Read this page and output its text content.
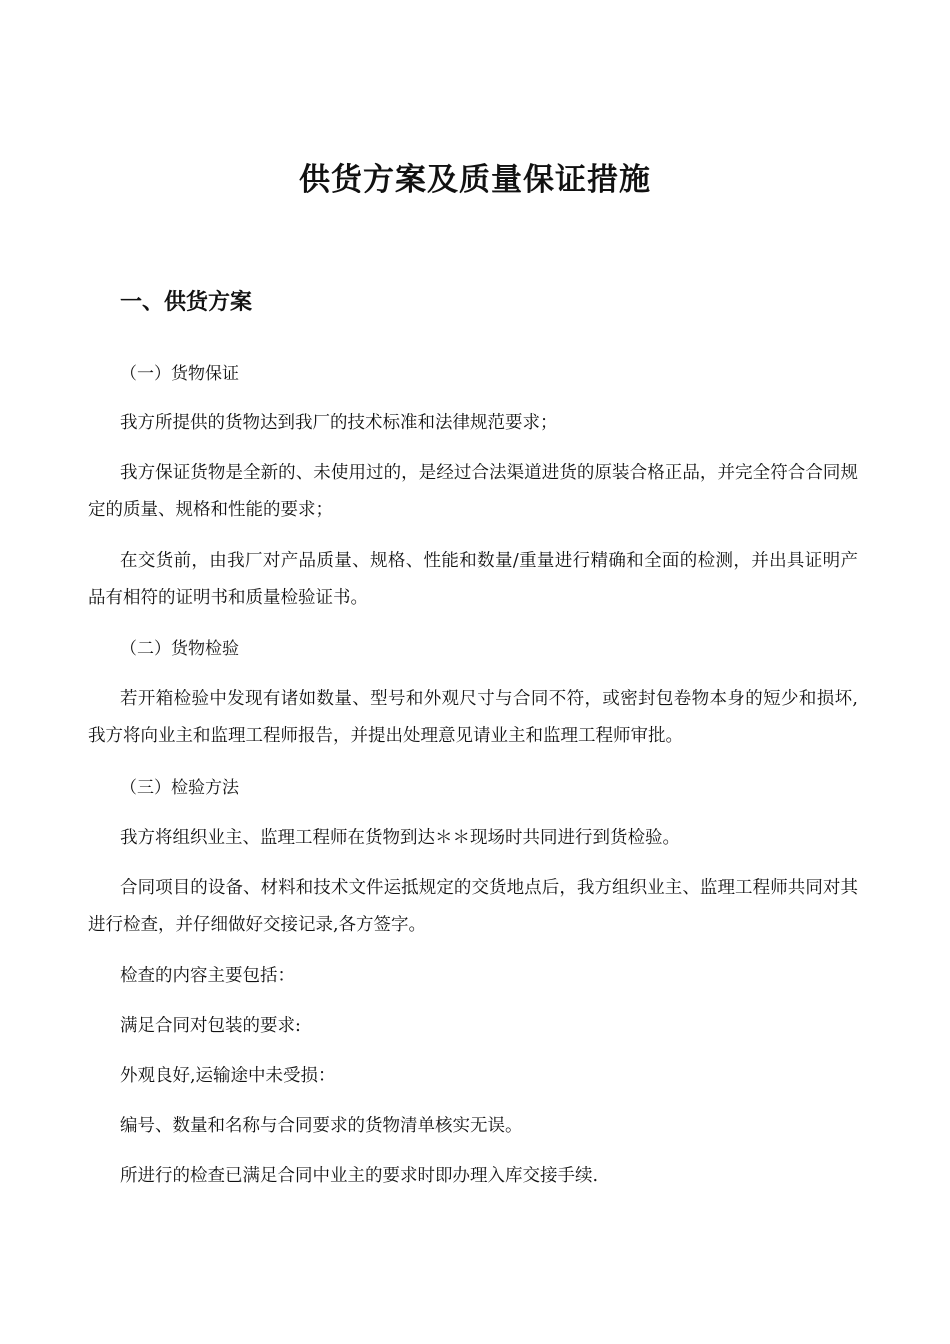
供货方案及质量保证措施
一、供货方案

（一）货物保证

我方所提供的货物达到我厂的技术标准和法律规范要求；

我方保证货物是全新的、未使用过的，是经过合法渠道进货的原装合格正品，并完全符合合同规定的质量、规格和性能的要求；

在交货前，由我厂对产品质量、规格、性能和数量/重量进行精确和全面的检测，并出具证明产品有相符的证明书和质量检验证书。

（二）货物检验

若开箱检验中发现有诸如数量、型号和外观尺寸与合同不符，或密封包卷物本身的短少和损坏,我方将向业主和监理工程师报告，并提出处理意见请业主和监理工程师审批。

（三）检验方法

我方将组织业主、监理工程师在货物到达＊＊现场时共同进行到货检验。

合同项目的设备、材料和技术文件运抵规定的交货地点后，我方组织业主、监理工程师共同对其进行检查，并仔细做好交接记录,各方签字。

检查的内容主要包括：

满足合同对包装的要求:

外观良好,运输途中未受损：

编号、数量和名称与合同要求的货物清单核实无误。

所进行的检查已满足合同中业主的要求时即办理入库交接手续.
